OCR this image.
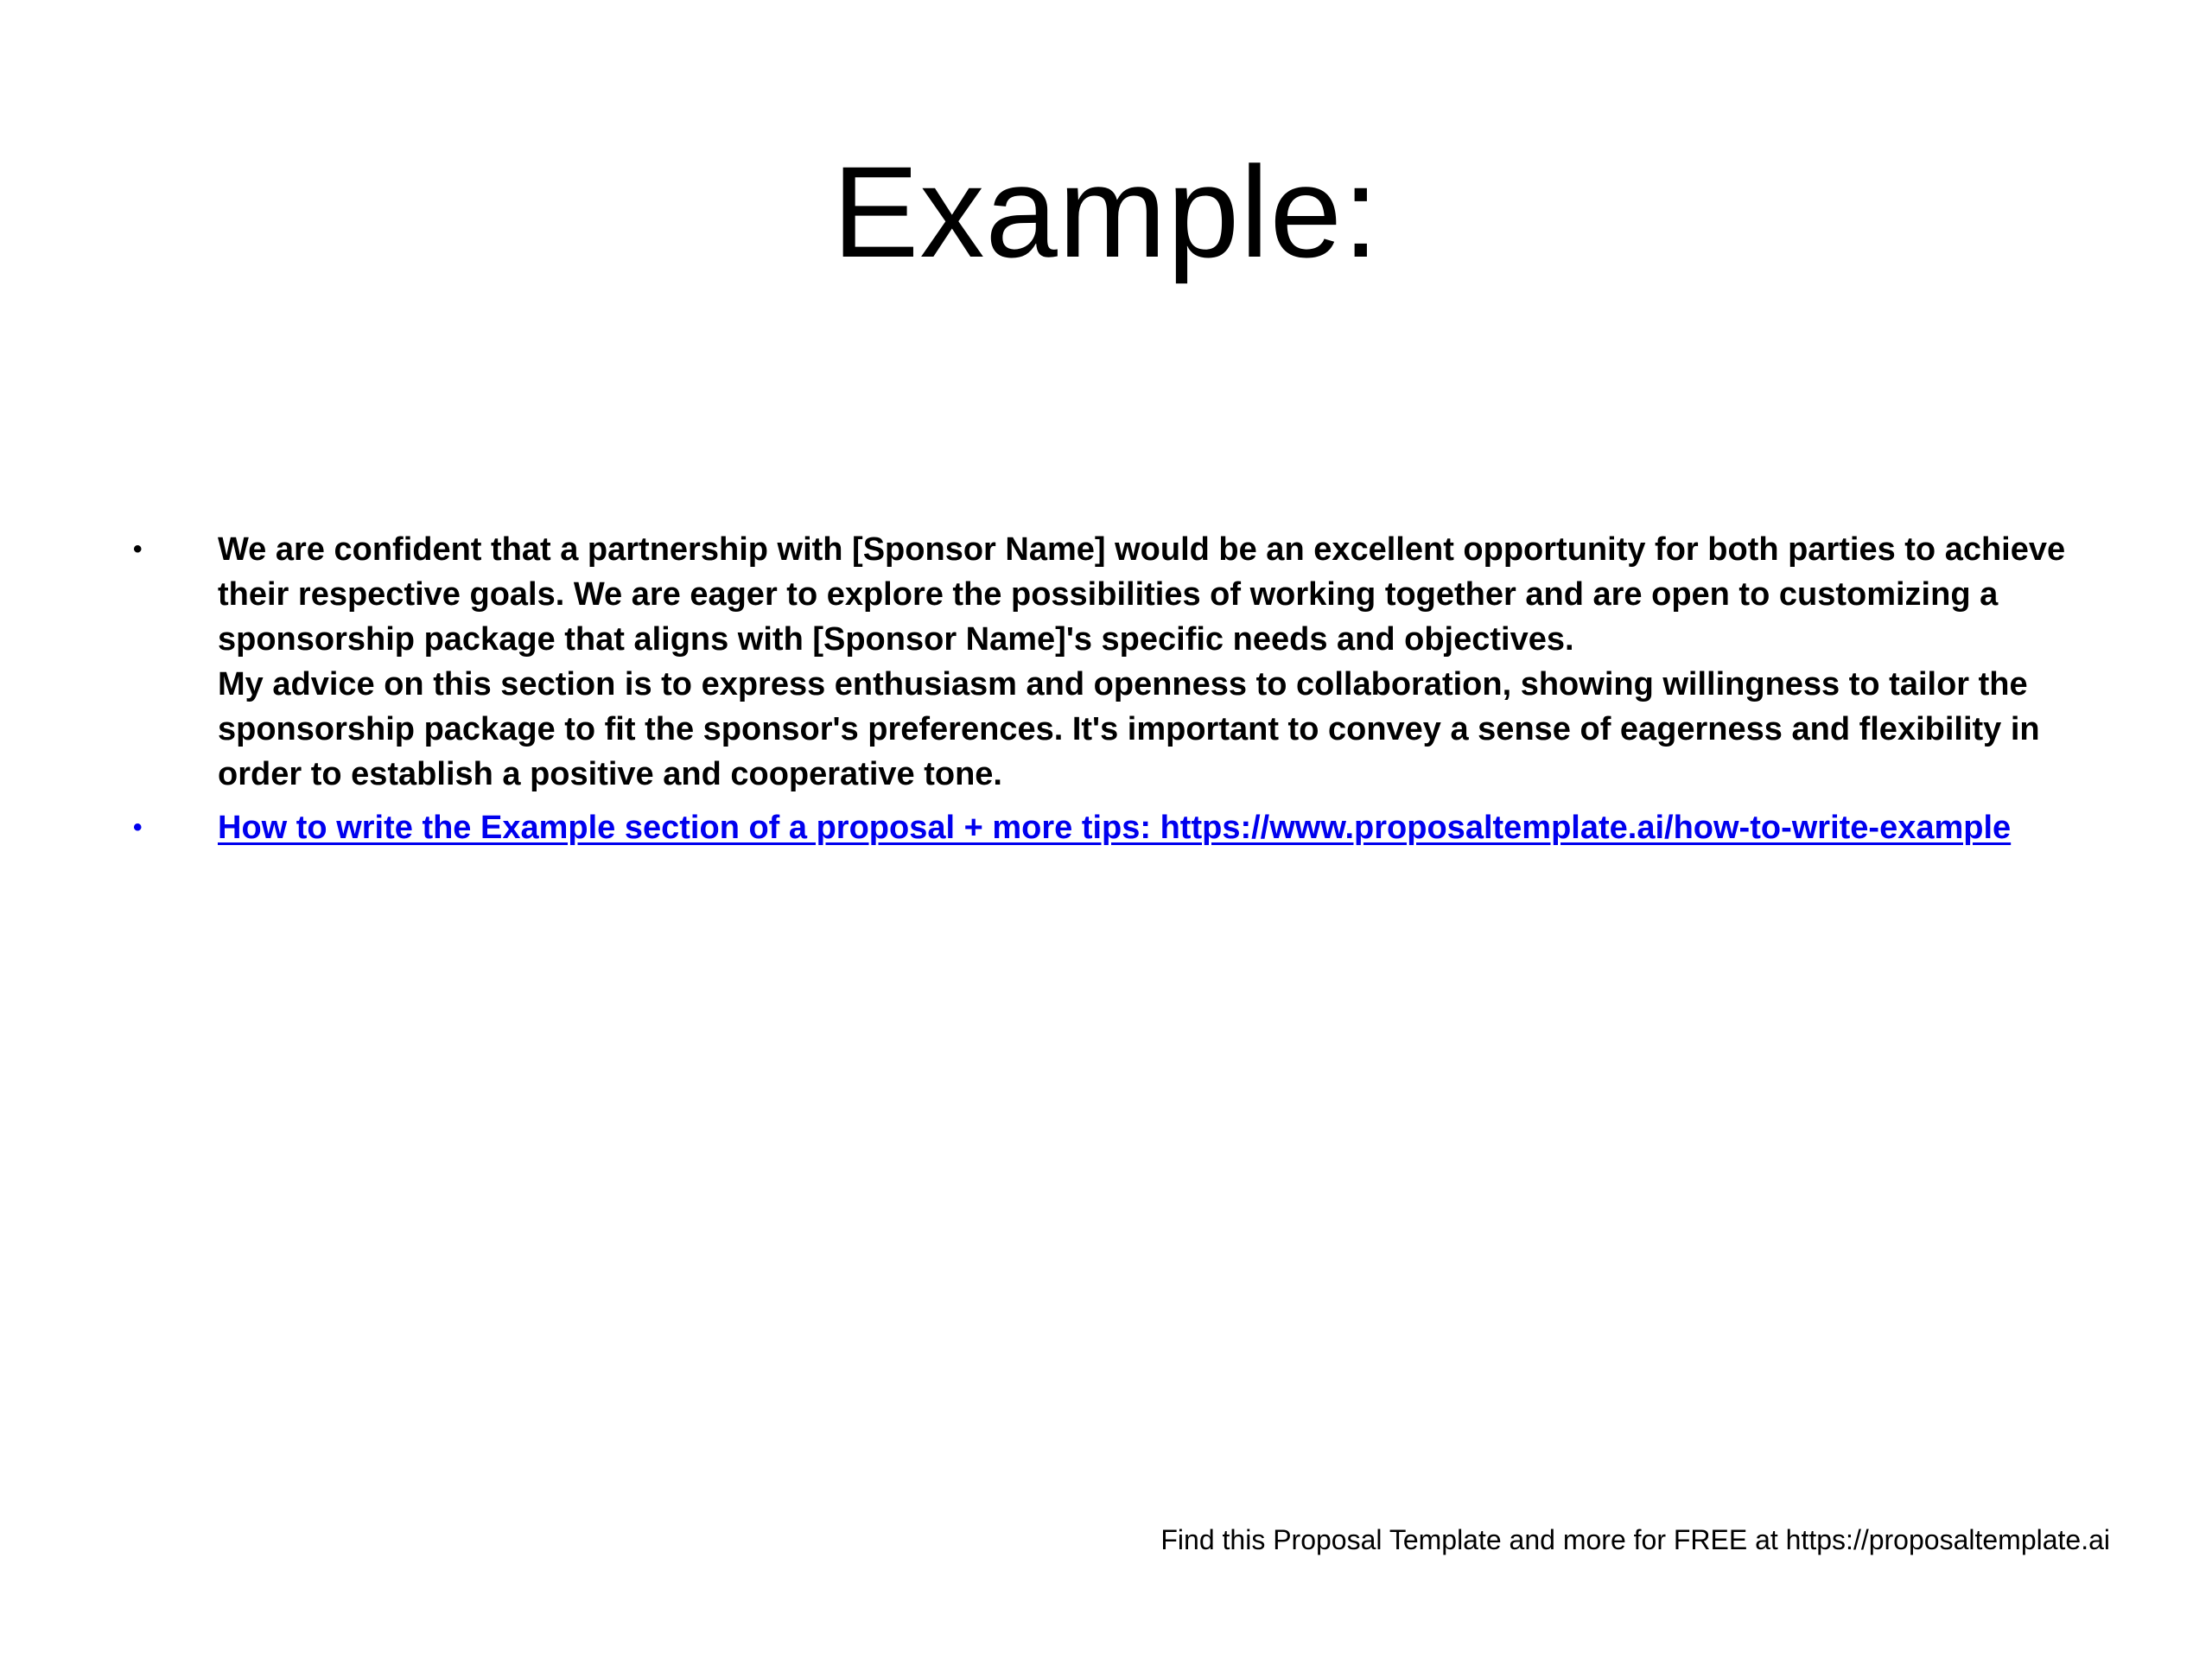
Example:
• We are confident that a partnership with [Sponsor Name] would be an excellent opportunity for both parties to achieve their respective goals. We are eager to explore the possibilities of working together and are open to customizing a sponsorship package that aligns with [Sponsor Name]'s specific needs and objectives.
My advice on this section is to express enthusiasm and openness to collaboration, showing willingness to tailor the sponsorship package to fit the sponsor's preferences. It's important to convey a sense of eagerness and flexibility in order to establish a positive and cooperative tone.
• How to write the Example section of a proposal + more tips: https://www.proposaltemplate.ai/how-to-write-example
Find this Proposal Template and more for FREE at https://proposaltemplate.ai
